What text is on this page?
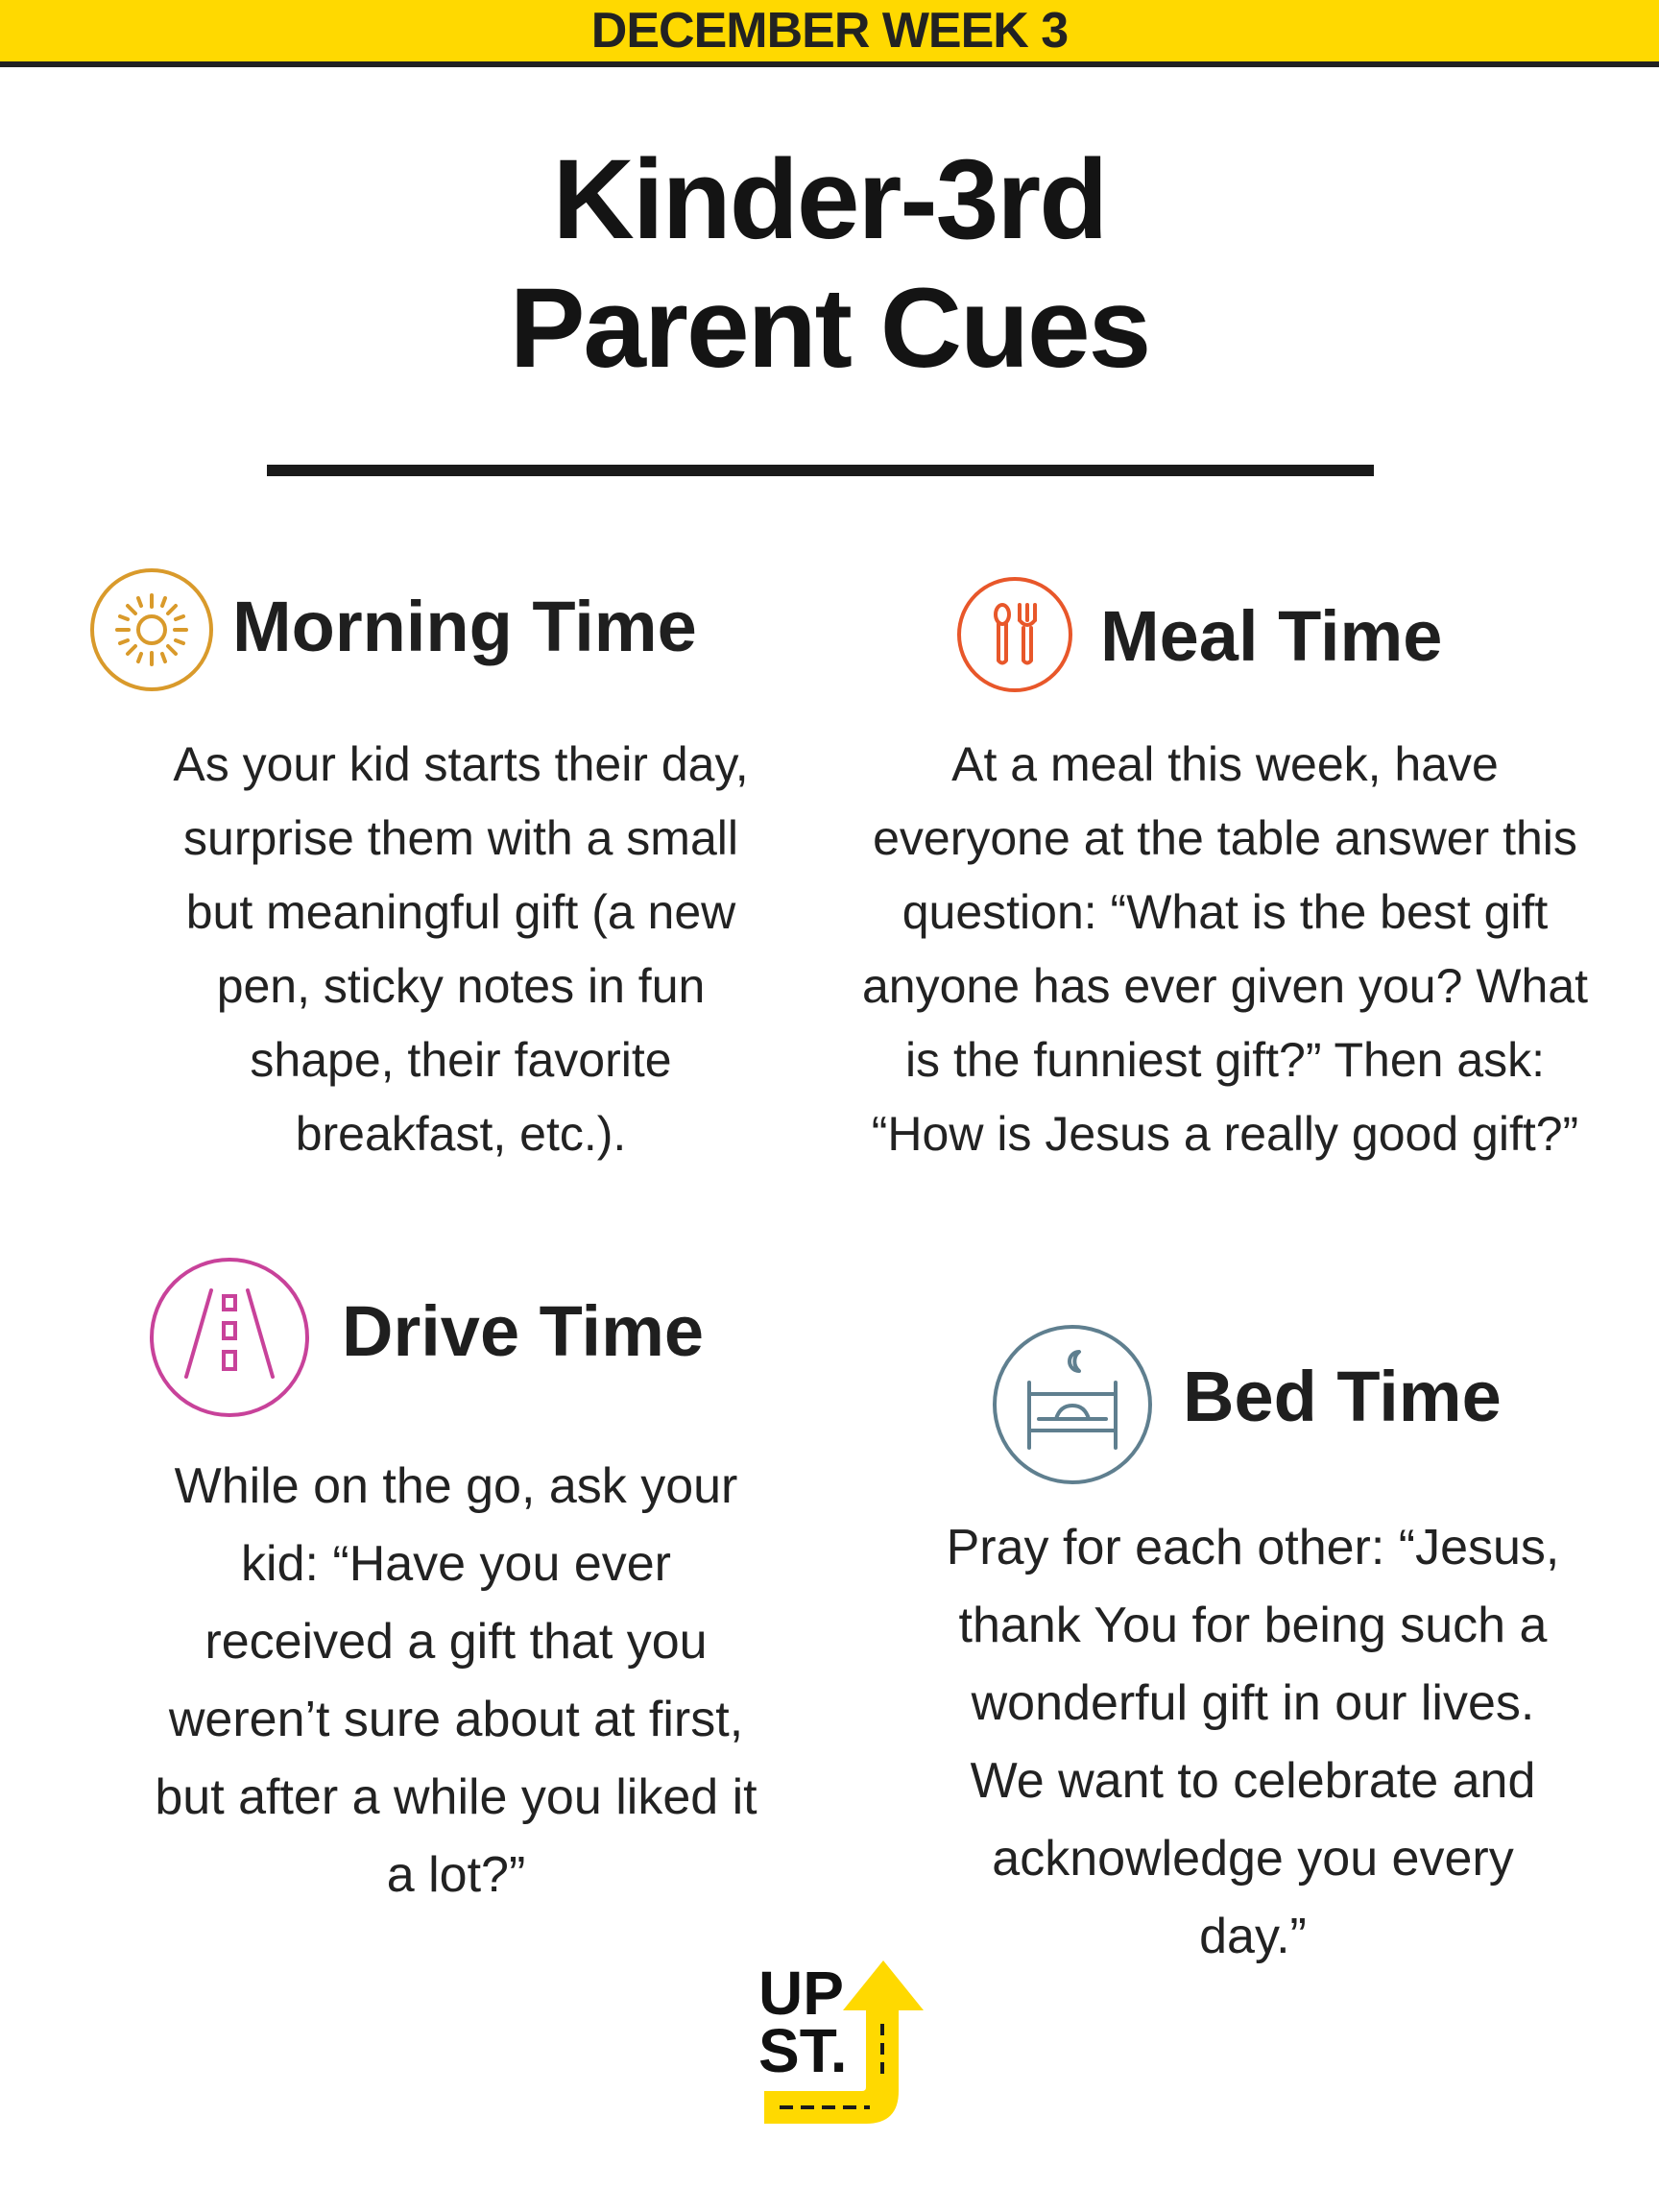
DECEMBER WEEK 3
Kinder-3rd
Parent Cues
Morning Time
As your kid starts their day,
surprise them with a small
but meaningful gift (a new
pen, sticky notes in fun
shape, their favorite
breakfast, etc.).
Meal Time
At a meal this week, have
everyone at the table answer this
question: “What is the best gift
anyone has ever given you? What
is the funniest gift?” Then ask:
“How is Jesus a really good gift?”
Drive Time
While on the go, ask your
kid: “Have you ever
received a gift that you
weren’t sure about at first,
but after a while you liked it
a lot?”
Bed Time
Pray for each other: “Jesus,
thank You for being such a
wonderful gift in our lives.
We want to celebrate and
acknowledge you every
day.”
UP
ST.
